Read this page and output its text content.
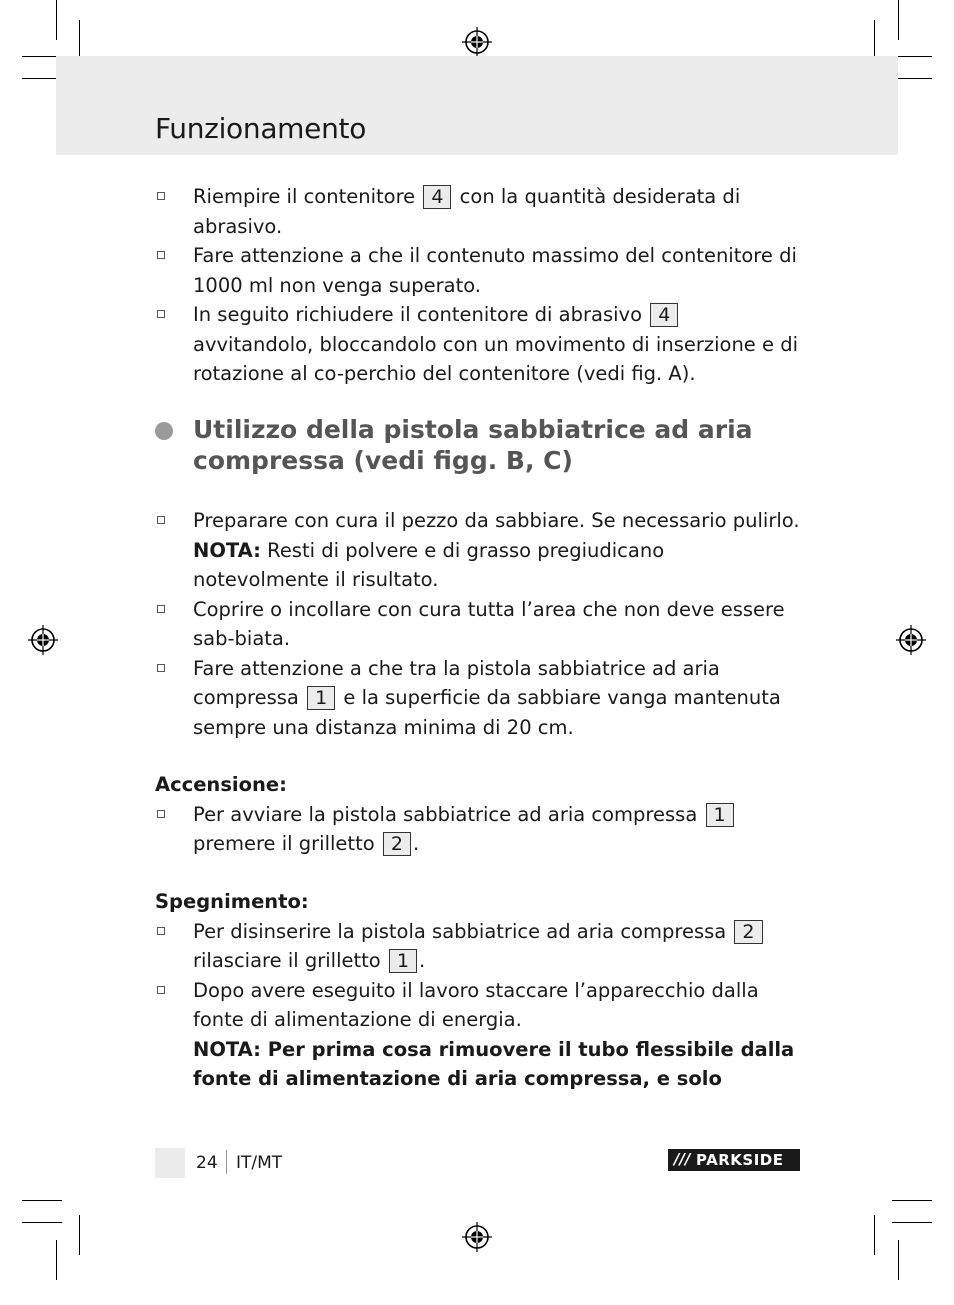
Funzionamento
Riempire il contenitore 4 con la quantità desiderata di abrasivo.
Fare attenzione a che il contenuto massimo del contenitore di 1000 ml non venga superato.
In seguito richiudere il contenitore di abrasivo 4 avvitandolo, bloccandolo con un movimento di inserzione e di rotazione al co-perchio del contenitore (vedi fig. A).
Utilizzo della pistola sabbiatrice ad aria compressa (vedi figg. B, C)
Preparare con cura il pezzo da sabbiare. Se necessario pulirlo.
NOTA: Resti di polvere e di grasso pregiudicano notevolmente il risultato.
Coprire o incollare con cura tutta l’area che non deve essere sab-biata.
Fare attenzione a che tra la pistola sabbiatrice ad aria compressa 1 e la superficie da sabbiare vanga mantenuta sempre una distanza minima di 20 cm.
Accensione:
Per avviare la pistola sabbiatrice ad aria compressa 1 premere il grilletto 2 .
Spegnimento:
Per disinserire la pistola sabbiatrice ad aria compressa 2 rilasciare il grilletto 1 .
Dopo avere eseguito il lavoro staccare l’apparecchio dalla fonte di alimentazione di energia.
NOTA: Per prima cosa rimuovere il tubo flessibile dalla fonte di alimentazione di aria compressa, e solo
24 IT/MT	/// PARKSIDE
